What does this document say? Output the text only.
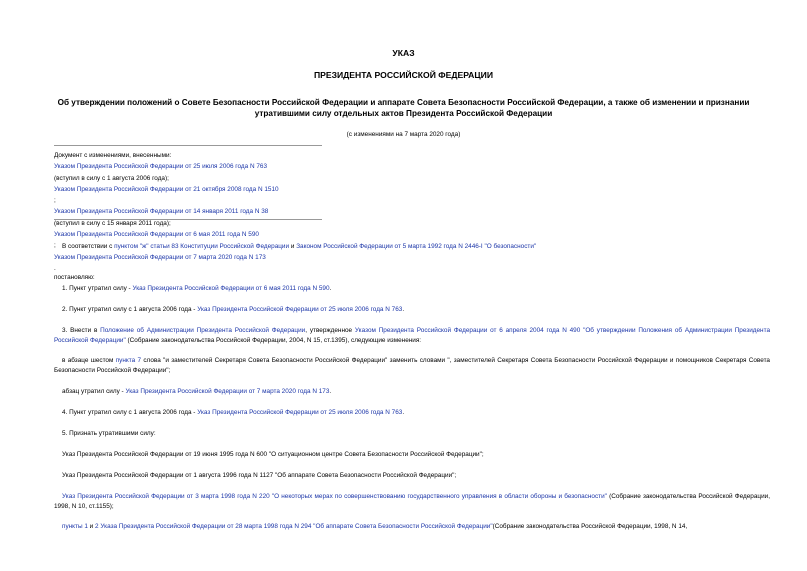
УКАЗ

ПРЕЗИДЕНТА РОССИЙСКОЙ ФЕДЕРАЦИИ

Об утверждении положений о Совете Безопасности Российской Федерации и аппарате Совета Безопасности Российской Федерации, а также об изменении и признании утратившими силу отдельных актов Президента Российской Федерации

(с изменениями на 7 марта 2020 года)

Документ с изменениями, внесенными:
Указом Президента Российской Федерации от 25 июля 2006 года N 763
(вступил в силу с 1 августа 2006 года);
Указом Президента Российской Федерации от 21 октября 2008 года N 1510
;
Указом Президента Российской Федерации от 14 января 2011 года N 38
(вступил в силу с 15 января 2011 года);
Указом Президента Российской Федерации от 6 мая 2011 года N 590
;
Указом Президента Российской Федерации от 7 марта 2020 года N 173
.

В соответствии с пунктом "ж" статьи 83 Конституции Российской Федерации и Законом Российской Федерации от 5 марта 1992 года N 2446-I "О безопасности"

постановляю:

1. Пункт утратил силу - Указ Президента Российской Федерации от 6 мая 2011 года N 590.

2. Пункт утратил силу с 1 августа 2006 года - Указ Президента Российской Федерации от 25 июля 2006 года N 763.

3. Внести в Положение об Администрации Президента Российской Федерации, утвержденное Указом Президента Российской Федерации от 6 апреля 2004 года N 490 "Об утверждении Положения об Администрации Президента Российской Федерации" (Собрание законодательства Российской Федерации, 2004, N 15, ст.1395), следующие изменения:

в абзаце шестом пункта 7 слова "и заместителей Секретаря Совета Безопасности Российской Федерации" заменить словами ", заместителей Секретаря Совета Безопасности Российской Федерации и помощников Секретаря Совета Безопасности Российской Федерации";

абзац утратил силу - Указ Президента Российской Федерации от 7 марта 2020 года N 173.

4. Пункт утратил силу с 1 августа 2006 года - Указ Президента Российской Федерации от 25 июля 2006 года N 763.

5. Признать утратившими силу:

Указ Президента Российской Федерации от 19 июня 1995 года N 600 "О ситуационном центре Совета Безопасности Российской Федерации";

Указ Президента Российской Федерации от 1 августа 1996 года N 1127 "Об аппарате Совета Безопасности Российской Федерации";

Указ Президента Российской Федерации от 3 марта 1998 года N 220 "О некоторых мерах по совершенствованию государственного управления в области обороны и безопасности" (Собрание законодательства Российской Федерации, 1998, N 10, ст.1155);

пункты 1 и 2 Указа Президента Российской Федерации от 28 марта 1998 года N 294 "Об аппарате Совета Безопасности Российской Федерации"(Собрание законодательства Российской Федерации, 1998, N 14,
